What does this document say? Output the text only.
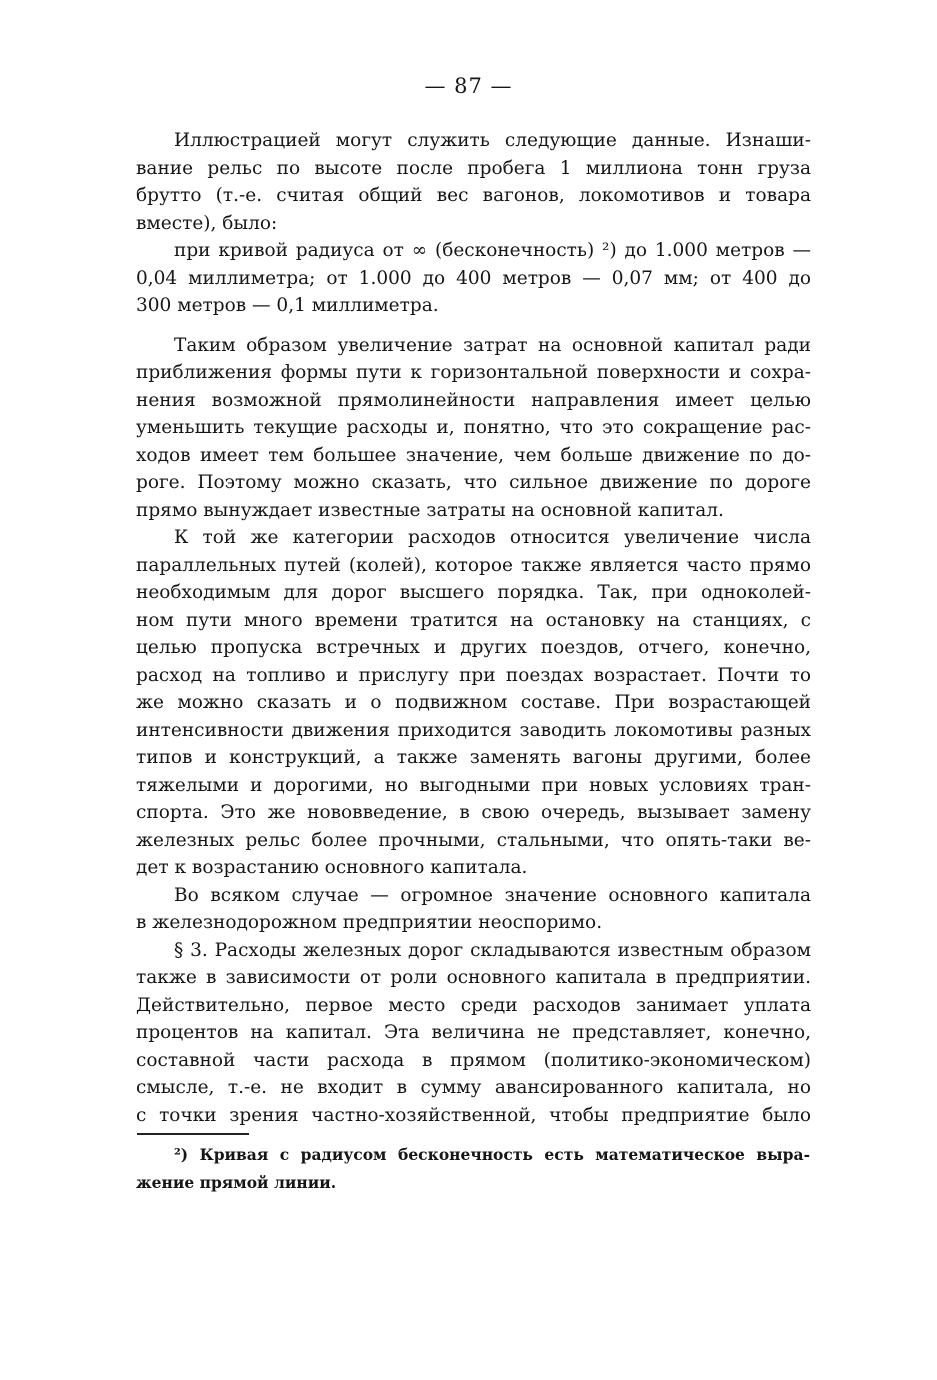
— 87 —
Иллюстрацией могут служить следующие данные. Изнаши-
вание рельс по высоте после пробега 1 миллиона тонн груза
брутто (т.-е. считая общий вес вагонов, локомотивов и товара
вместе), было:
при кривой радиуса от ∞ (бесконечность) ²) до 1.000 метров —
0,04 миллиметра; от 1.000 до 400 метров — 0,07 мм; от 400 до
300 метров — 0,1 миллиметра.
Таким образом увеличение затрат на основной капитал ради
приближения формы пути к горизонтальной поверхности и сохра-
нения возможной прямолинейности направления имеет целью
уменьшить текущие расходы и, понятно, что это сокращение рас-
ходов имеет тем большее значение, чем больше движение по до-
роге. Поэтому можно сказать, что сильное движение по дороге
прямо вынуждает известные затраты на основной капитал.
К той же категории расходов относится увеличение числа
параллельных путей (колей), которое также является часто прямо
необходимым для дорог высшего порядка. Так, при одноколей-
ном пути много времени тратится на остановку на станциях, с
целью пропуска встречных и других поездов, отчего, конечно,
расход на топливо и прислугу при поездах возрастает. Почти то
же можно сказать и о подвижном составе. При возрастающей
интенсивности движения приходится заводить локомотивы разных
типов и конструкций, а также заменять вагоны другими, более
тяжелыми и дорогими, но выгодными при новых условиях тран-
спорта. Это же нововведение, в свою очередь, вызывает замену
железных рельс более прочными, стальными, что опять-таки ве-
дет к возрастанию основного капитала.
Во всяком случае — огромное значение основного капитала
в железнодорожном предприятии неоспоримо.
§ 3. Расходы железных дорог складываются известным образом
также в зависимости от роли основного капитала в предприятии.
Действительно, первое место среди расходов занимает уплата
процентов на капитал. Эта величина не представляет, конечно,
составной части расхода в прямом (политико-экономическом)
смысле, т.-е. не входит в сумму авансированного капитала, но
с точки зрения частно-хозяйственной, чтобы предприятие было
²) Кривая с радиусом бесконечность есть математическое выра-
жение прямой линии.
